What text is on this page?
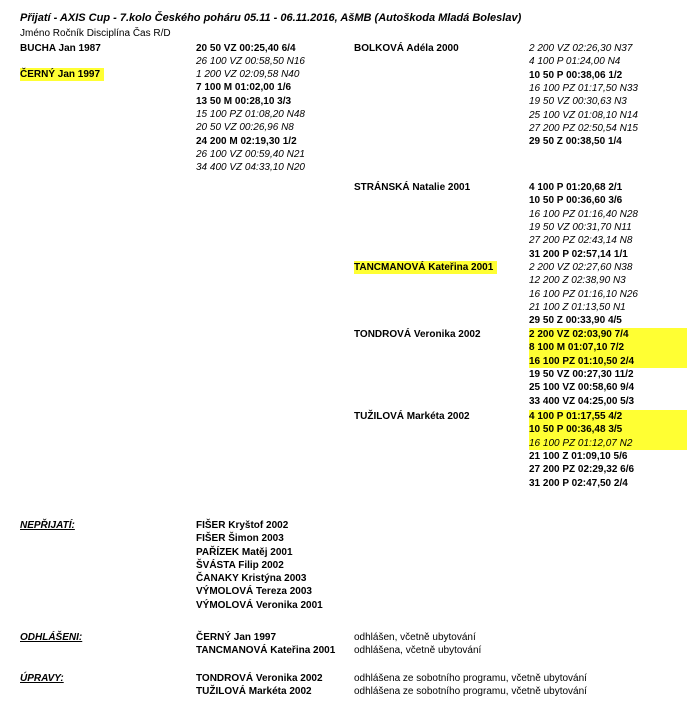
Přijatí - AXIS Cup - 7.kolo Českého poháru 05.11 - 06.11.2016, AšMB (Autoškoda Mladá Boleslav)
Jméno Ročník Disciplína Čas R/D
BUCHA Jan 1987	20 50 VZ 00:25,40 6/4
26 100 VZ 00:58,50 N16
ČERNÝ Jan 1997	1 200 VZ 02:09,58 N40
7 100 M 01:02,00 1/6
13 50 M 00:28,10 3/3
15 100 PZ 01:08,20 N48
20 50 VZ 00:26,96 N8
24 200 M 02:19,30 1/2
26 100 VZ 00:59,40 N21
34 400 VZ 04:33,10 N20
BOLKOVÁ Adéla 2000	2 200 VZ 02:26,30 N37
4 100 P 01:24,00 N4
10 50 P 00:38,06 1/2
16 100 PZ 01:17,50 N33
19 50 VZ 00:30,63 N3
25 100 VZ 01:08,10 N14
27 200 PZ 02:50,54 N15
29 50 Z 00:38,50 1/4
STRÁNSKÁ Natalie 2001	4 100 P 01:20,68 2/1
10 50 P 00:36,60 3/6
16 100 PZ 01:16,40 N28
19 50 VZ 00:31,70 N11
27 200 PZ 02:43,14 N8
31 200 P 02:57,14 1/1
TANCMANOVÁ Kateřina 2001	2 200 VZ 02:27,60 N38
12 200 Z 02:38,90 N3
16 100 PZ 01:16,10 N26
21 100 Z 01:13,50 N1
29 50 Z 00:33,90 4/5
TONDROVÁ Veronika 2002	2 200 VZ 02:03,90 7/4
8 100 M 01:07,10 7/2
16 100 PZ 01:10,50 2/4
19 50 VZ 00:27,30 11/2
25 100 VZ 00:58,60 9/4
33 400 VZ 04:25,00 5/3
TUŽILOVÁ Markéta 2002	4 100 P 01:17,55 4/2
10 50 P 00:36,48 3/5
16 100 PZ 01:12,07 N2
21 100 Z 01:09,10 5/6
27 200 PZ 02:29,32 6/6
31 200 P 02:47,50 2/4
NEPŘIJATÍ:	FIŠER Kryštof 2002
FIŠER Šimon 2003
PAŘÍZEK Matěj 2001
ŠVÁSTA Filip 2002
ČANAKY Kristýna 2003
VÝMOLOVÁ Tereza 2003
VÝMOLOVÁ Veronika 2001
ODHLÁŠENI:	ČERNÝ Jan 1997	odhlášen, včetně ubytování
TANCMANOVÁ Kateřina 2001 odhlášena, včetně ubytování
ÚPRAVY:	TONDROVÁ Veronika 2002	odhlášena ze sobotního programu, včetně ubytování
TUŽILOVÁ Markéta 2002	odhlášena ze sobotního programu, včetně ubytování
